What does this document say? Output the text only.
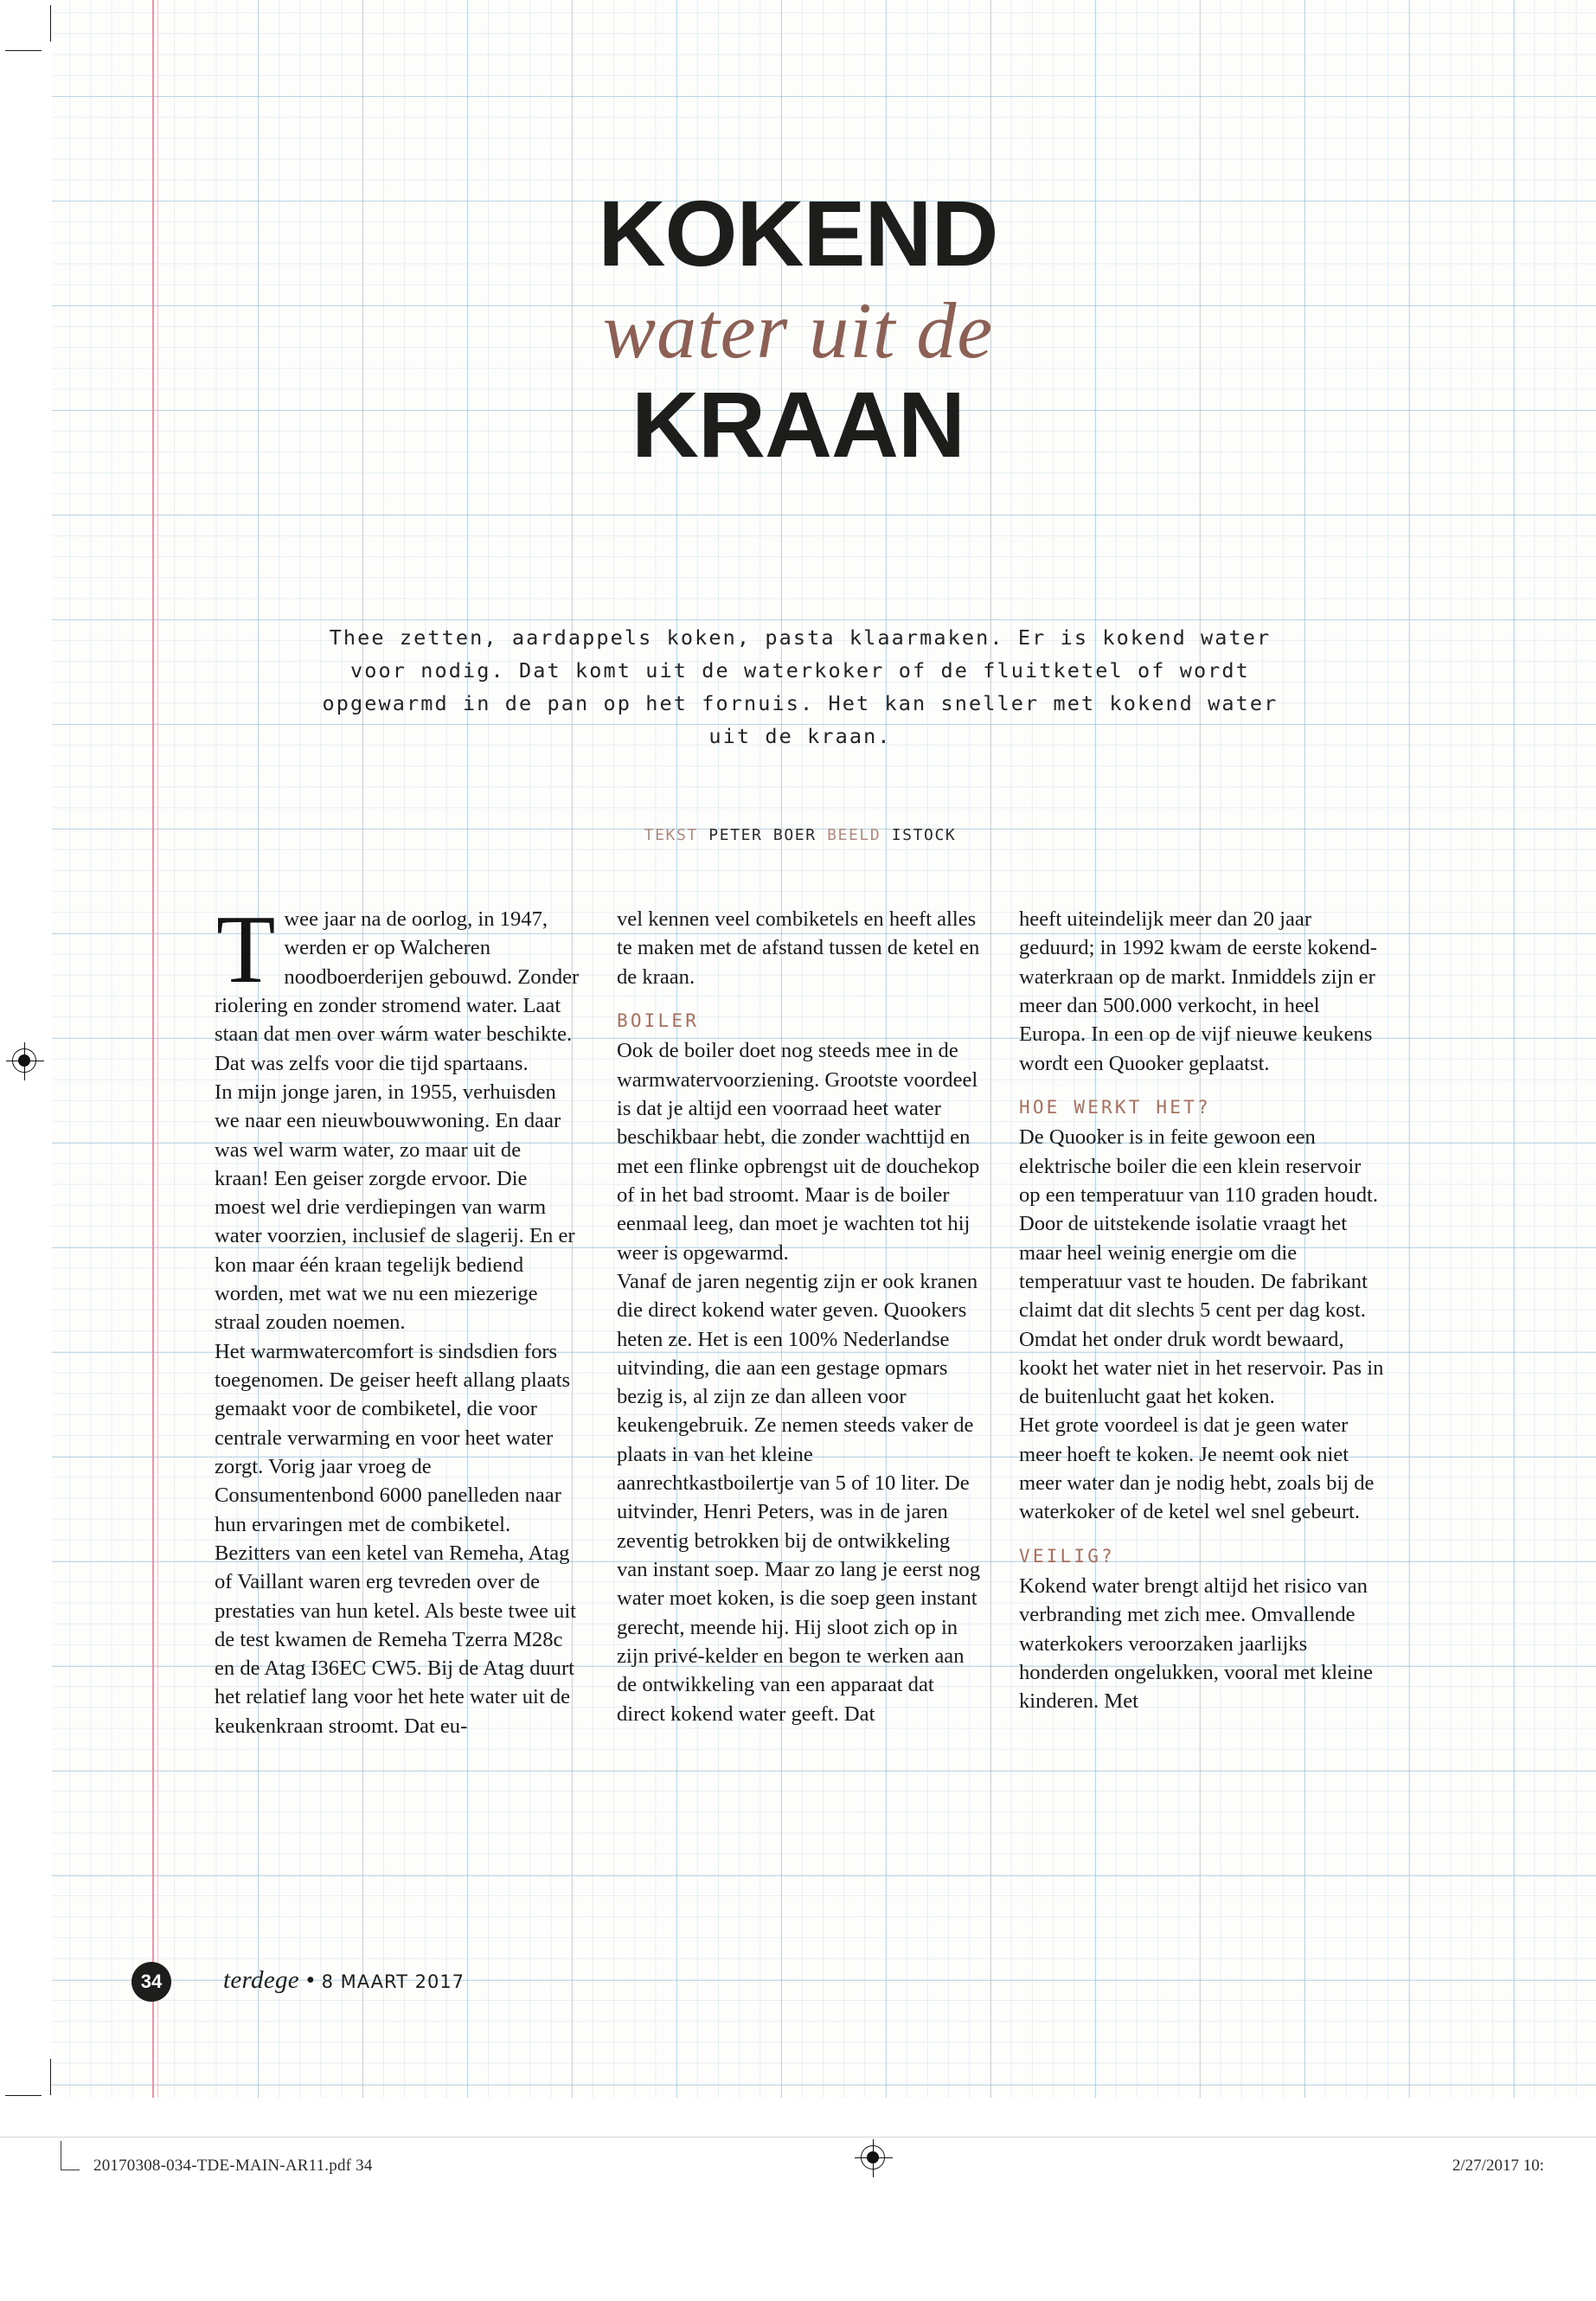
KOKEND
water uit de
KRAAN
Thee zetten, aardappels koken, pasta klaarmaken. Er is kokend water voor nodig. Dat komt uit de waterkoker of de fluitketel of wordt opgewarmd in de pan op het fornuis. Het kan sneller met kokend water uit de kraan.
TEKST PETER BOER BEELD ISTOCK

Twee jaar na de oorlog, in 1947, werden er op Walcheren noodboerderijen gebouwd. Zonder riolering en zonder stromend water. Laat staan dat men over wárm water beschikte. Dat was zelfs voor die tijd spartaans.

In mijn jonge jaren, in 1955, verhuisden we naar een nieuwbouwwoning. En daar was wel warm water, zo maar uit de kraan! Een geiser zorgde ervoor. Die moest wel drie verdiepingen van warm water voorzien, inclusief de slagerij. En er kon maar één kraan tegelijk bediend worden, met wat we nu een miezerige straal zouden noemen.

Het warmwatercomfort is sindsdien fors toegenomen. De geiser heeft allang plaats gemaakt voor de combiketel, die voor centrale verwarming en voor heet water zorgt. Vorig jaar vroeg de Consumentenbond 6000 panelleden naar hun ervaringen met de combiketel. Bezitters van een ketel van Remeha, Atag of Vaillant waren erg tevreden over de prestaties van hun ketel. Als beste twee uit de test kwamen de Remeha Tzerra M28c en de Atag I36EC CW5. Bij de Atag duurt het relatief lang voor het hete water uit de keukenkraan stroomt. Dat eu-

vel kennen veel combiketels en heeft alles te maken met de afstand tussen de ketel en de kraan.

BOILER

Ook de boiler doet nog steeds mee in de warmwatervoorziening. Grootste voordeel is dat je altijd een voorraad heet water beschikbaar hebt, die zonder wachttijd en met een flinke opbrengst uit de douchekop of in het bad stroomt. Maar is de boiler eenmaal leeg, dan moet je wachten tot hij weer is opgewarmd.

Vanaf de jaren negentig zijn er ook kranen die direct kokend water geven. Quookers heten ze. Het is een 100% Nederlandse uitvinding, die aan een gestage opmars bezig is, al zijn ze dan alleen voor keukengebruik. Ze nemen steeds vaker de plaats in van het kleine aanrechtkastboilertje van 5 of 10 liter. De uitvinder, Henri Peters, was in de jaren zeventig betrokken bij de ontwikkeling van instant soep. Maar zo lang je eerst nog water moet koken, is die soep geen instant gerecht, meende hij. Hij sloot zich op in zijn privé-kelder en begon te werken aan de ontwikkeling van een apparaat dat direct kokend water geeft. Dat

heeft uiteindelijk meer dan 20 jaar geduurd; in 1992 kwam de eerste kokend-waterkraan op de markt. Inmiddels zijn er meer dan 500.000 verkocht, in heel Europa. In een op de vijf nieuwe keukens wordt een Quooker geplaatst.

HOE WERKT HET?

De Quooker is in feite gewoon een elektrische boiler die een klein reservoir op een temperatuur van 110 graden houdt. Door de uitstekende isolatie vraagt het maar heel weinig energie om die temperatuur vast te houden. De fabrikant claimt dat dit slechts 5 cent per dag kost. Omdat het onder druk wordt bewaard, kookt het water niet in het reservoir. Pas in de buitenlucht gaat het koken.

Het grote voordeel is dat je geen water meer hoeft te koken. Je neemt ook niet meer water dan je nodig hebt, zoals bij de waterkoker of de ketel wel snel gebeurt.

VEILIG?

Kokend water brengt altijd het risico van verbranding met zich mee. Omvallende waterkokers veroorzaken jaarlijks honderden ongelukken, vooral met kleine kinderen. Met

34	terdege • 8 MAART 2017
20170308-034-TDE-MAIN-AR11.pdf 34	2/27/2017 10:
